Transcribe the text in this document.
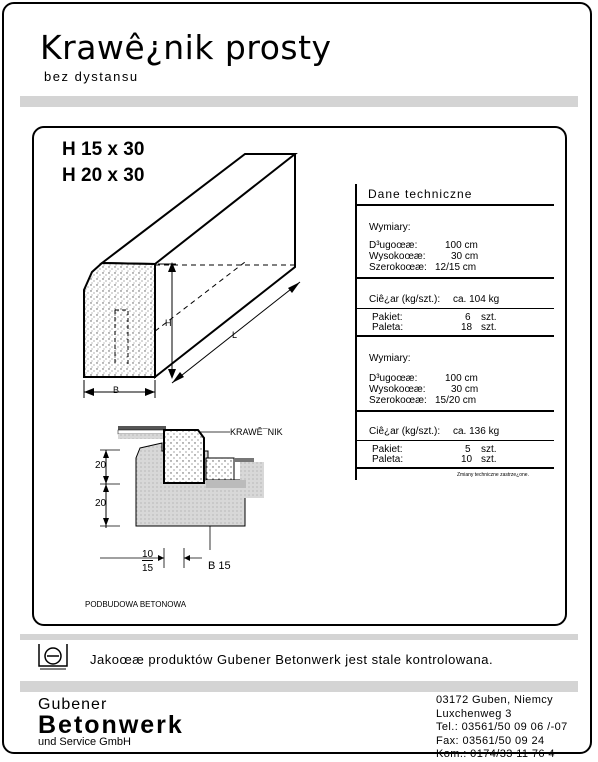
Krawê¿nik prosty
bez dystansu
H 15 x 30
H 20 x 30
H
L
B
KRAWÊ¯NIK
20
20
10
15	B 15
PODBUDOWA BETONOWA
Dane techniczne
Wymiary:
D³ugoœæ:	100 cm
Wysokoœæ:	30 cm
Szerokoœæ: 12/15 cm
Ciê¿ar (kg/szt.): ca. 104 kg
Pakiet:	6 szt.
Paleta:	18 szt.
Wymiary:
D³ugoœæ:	100 cm
Wysokoœæ:	30 cm
Szerokoœæ: 15/20 cm
Ciê¿ar (kg/szt.): ca. 136 kg
Pakiet:	5 szt.
Paleta:	10 szt.
Zmiany techniczne zastrze¿one.
Jakoœæ produktów Gubener Betonwerk jest stale kontrolowana.
Gubener
Betonwerk
und Service GmbH
03172 Guben, Niemcy
Luxchenweg 3
Tel.: 03561/50 09 06 /-07
Fax: 03561/50 09 24
Kom.: 0174/33 11 76 4
